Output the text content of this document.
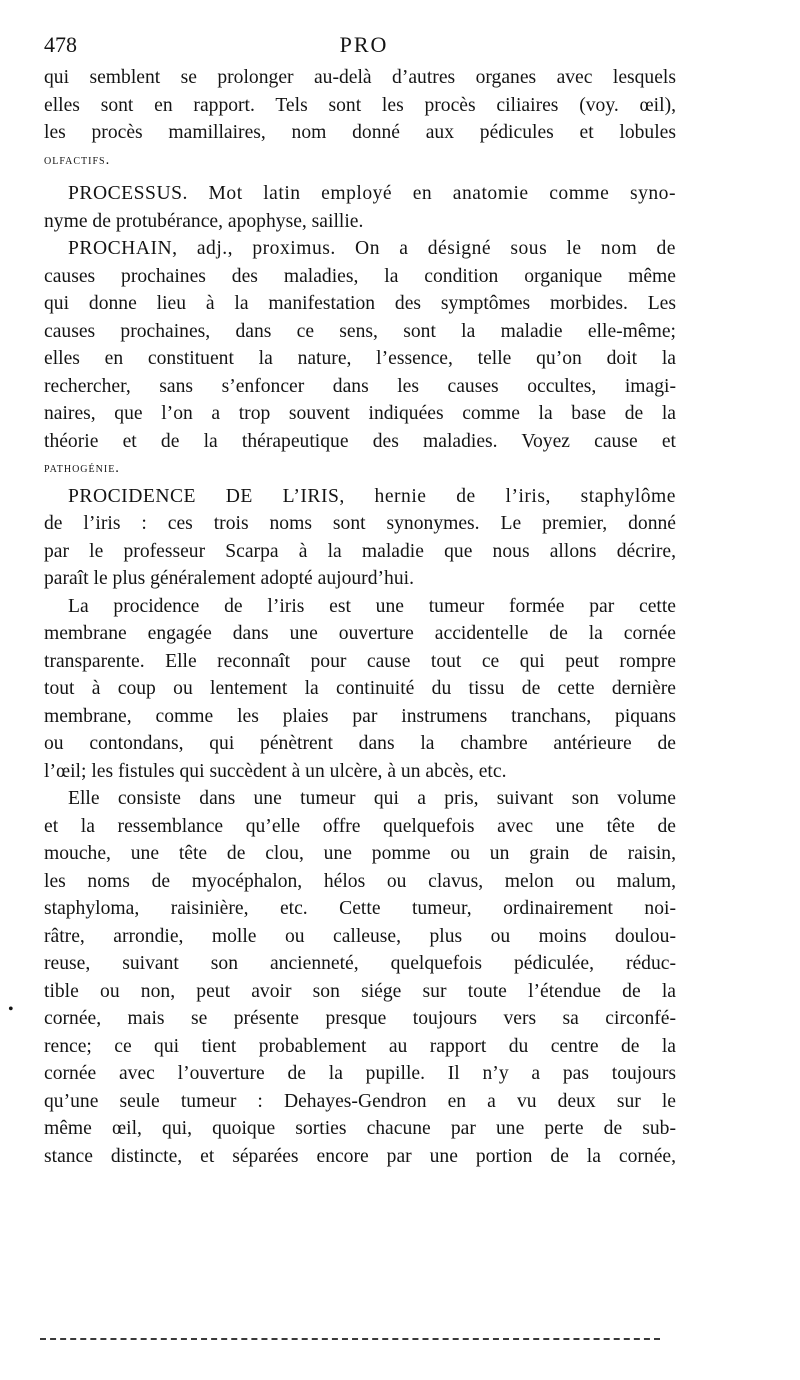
478	PRO
•
qui semblent se prolonger au-delà d’autres organes avec lesquels
elles sont en rapport. Tels sont les procès ciliaires (voy. œil),
les procès mamillaires, nom donné aux pédicules et lobules
olfactifs.
PROCESSUS. Mot latin employé en anatomie comme syno-
nyme de protubérance, apophyse, saillie.
PROCHAIN, adj., proximus. On a désigné sous le nom de
causes prochaines des maladies, la condition organique même
qui donne lieu à la manifestation des symptômes morbides. Les
causes prochaines, dans ce sens, sont la maladie elle-même;
elles en constituent la nature, l’essence, telle qu’on doit la
rechercher, sans s’enfoncer dans les causes occultes, imagi-
naires, que l’on a trop souvent indiquées comme la base de la
théorie et de la thérapeutique des maladies. Voyez cause et
pathogénie.
PROCIDENCE DE L’IRIS, hernie de l’iris, staphylôme
de l’iris : ces trois noms sont synonymes. Le premier, donné
par le professeur Scarpa à la maladie que nous allons décrire,
paraît le plus généralement adopté aujourd’hui.
La procidence de l’iris est une tumeur formée par cette
membrane engagée dans une ouverture accidentelle de la cornée
transparente. Elle reconnaît pour cause tout ce qui peut rompre
tout à coup ou lentement la continuité du tissu de cette dernière
membrane, comme les plaies par instrumens tranchans, piquans
ou contondans, qui pénètrent dans la chambre antérieure de
l’œil; les fistules qui succèdent à un ulcère, à un abcès, etc.
Elle consiste dans une tumeur qui a pris, suivant son volume
et la ressemblance qu’elle offre quelquefois avec une tête de
mouche, une tête de clou, une pomme ou un grain de raisin,
les noms de myocéphalon, hélos ou clavus, melon ou malum,
staphyloma, raisinière, etc. Cette tumeur, ordinairement noi-
râtre, arrondie, molle ou calleuse, plus ou moins doulou-
reuse, suivant son ancienneté, quelquefois pédiculée, réduc-
tible ou non, peut avoir son siége sur toute l’étendue de la
cornée, mais se présente presque toujours vers sa circonfé-
rence; ce qui tient probablement au rapport du centre de la
cornée avec l’ouverture de la pupille. Il n’y a pas toujours
qu’une seule tumeur : Dehayes-Gendron en a vu deux sur le
même œil, qui, quoique sorties chacune par une perte de sub-
stance distincte, et séparées encore par une portion de la cornée,
